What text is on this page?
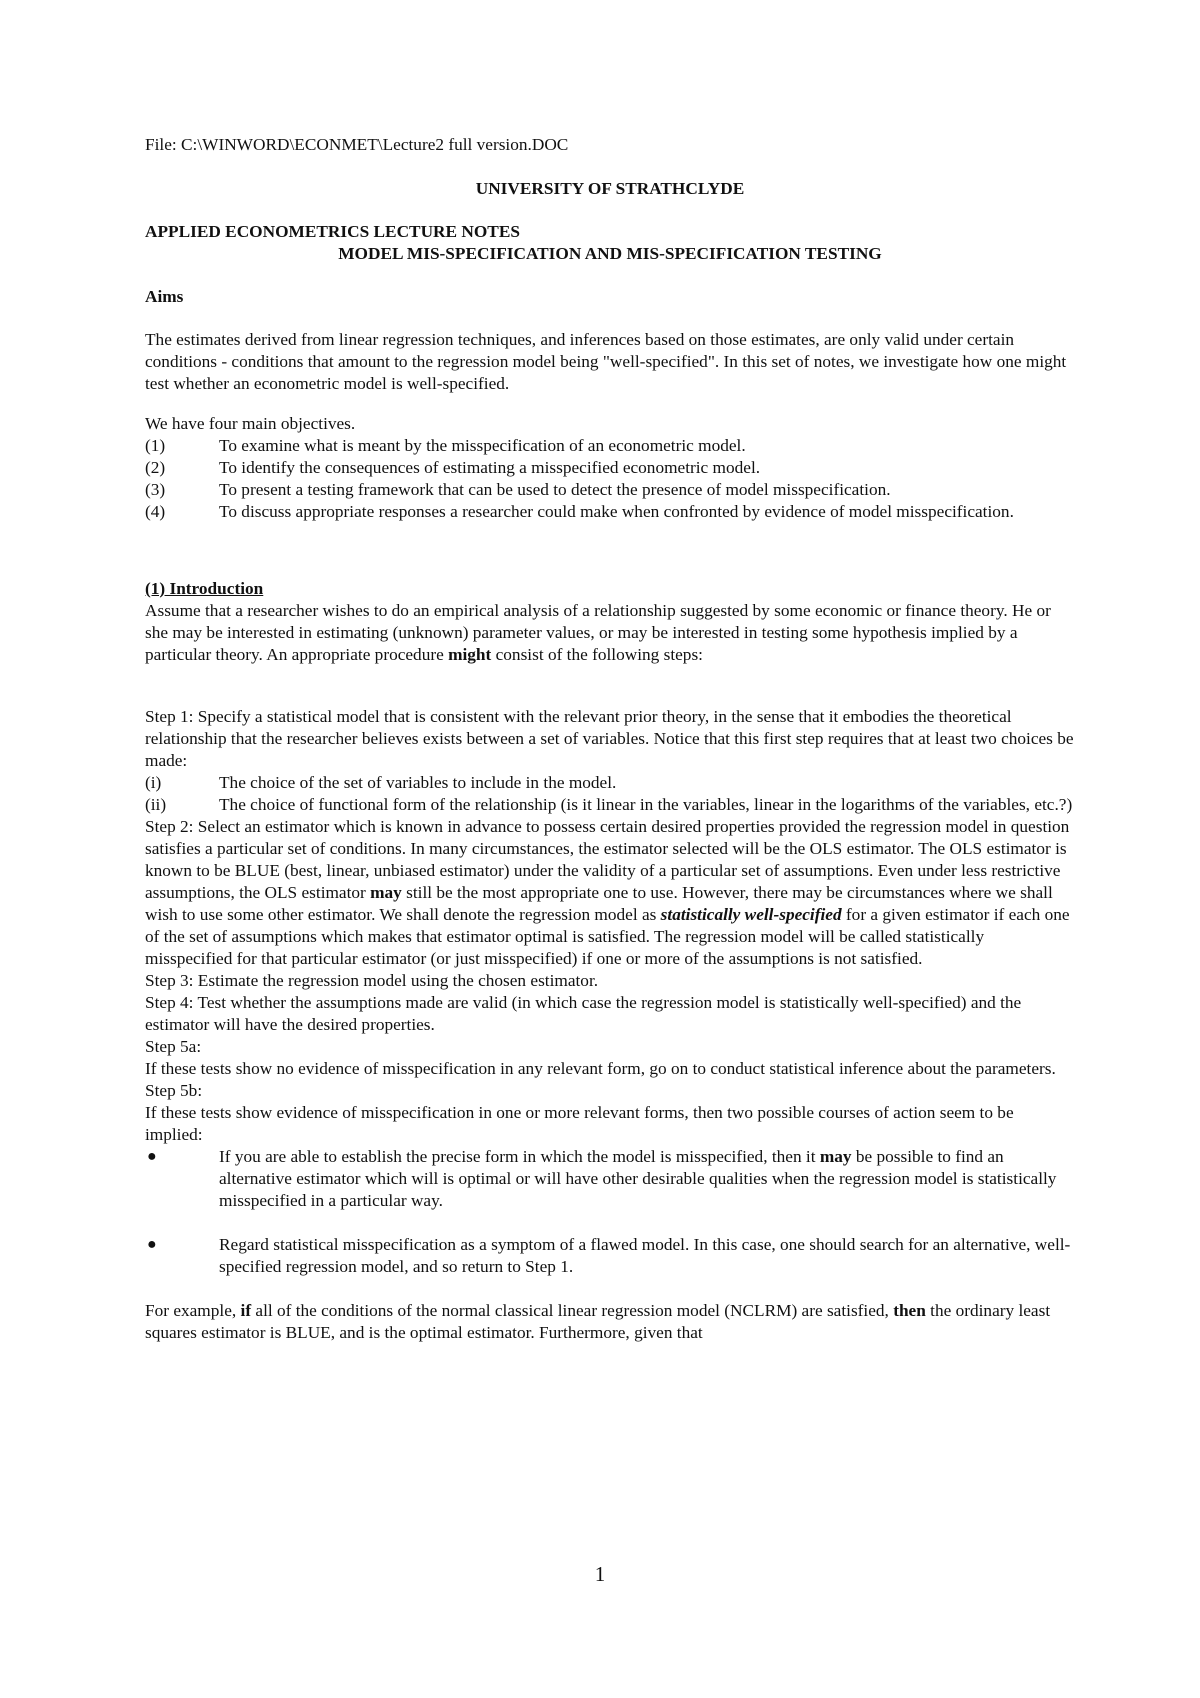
File: C:\WINWORD\ECONMET\Lecture2 full version.DOC
UNIVERSITY OF STRATHCLYDE
APPLIED ECONOMETRICS LECTURE NOTES
MODEL MIS-SPECIFICATION AND MIS-SPECIFICATION TESTING
Aims
The estimates derived from linear regression techniques, and inferences based on those estimates, are only valid under certain conditions - conditions that amount to the regression model being "well-specified". In this set of notes, we investigate how one might test whether an econometric model is well-specified.
We have four main objectives.
(1)	To examine what is meant by the misspecification of an econometric model.
(2)	To identify the consequences of estimating a misspecified econometric model.
(3)	To present a testing framework that can be used to detect the presence of model misspecification.
(4)	To discuss appropriate responses a researcher could make when confronted by evidence of model misspecification.
(1) Introduction
Assume that a researcher wishes to do an empirical analysis of a relationship suggested by some economic or finance theory. He or she may be interested in estimating (unknown) parameter values, or may be interested in testing some hypothesis implied by a particular theory. An appropriate procedure might consist of the following steps:
Step 1: Specify a statistical model that is consistent with the relevant prior theory, in the sense that it embodies the theoretical relationship that the researcher believes exists between a set of variables. Notice that this first step requires that at least two choices be made:
(i)	The choice of the set of variables to include in the model.
(ii)	The choice of functional form of the relationship (is it linear in the variables, linear in the logarithms of the variables, etc.?)
Step 2: Select an estimator which is known in advance to possess certain desired properties provided the regression model in question satisfies a particular set of conditions. In many circumstances, the estimator selected will be the OLS estimator. The OLS estimator is known to be BLUE (best, linear, unbiased estimator) under the validity of a particular set of assumptions. Even under less restrictive assumptions, the OLS estimator may still be the most appropriate one to use. However, there may be circumstances where we shall wish to use some other estimator. We shall denote the regression model as statistically well-specified for a given estimator if each one of the set of assumptions which makes that estimator optimal is satisfied. The regression model will be called statistically misspecified for that particular estimator (or just misspecified) if one or more of the assumptions is not satisfied.
Step 3: Estimate the regression model using the chosen estimator.
Step 4: Test whether the assumptions made are valid (in which case the regression model is statistically well-specified) and the estimator will have the desired properties.
Step 5a:
If these tests show no evidence of misspecification in any relevant form, go on to conduct statistical inference about the parameters.
Step 5b:
If these tests show evidence of misspecification in one or more relevant forms, then two possible courses of action seem to be implied:
●	If you are able to establish the precise form in which the model is misspecified, then it may be possible to find an alternative estimator which will is optimal or will have other desirable qualities when the regression model is statistically misspecified in a particular way.
●	Regard statistical misspecification as a symptom of a flawed model. In this case, one should search for an alternative, well-specified regression model, and so return to Step 1.
For example, if all of the conditions of the normal classical linear regression model (NCLRM) are satisfied, then the ordinary least squares estimator is BLUE, and is the optimal estimator. Furthermore, given that
1
